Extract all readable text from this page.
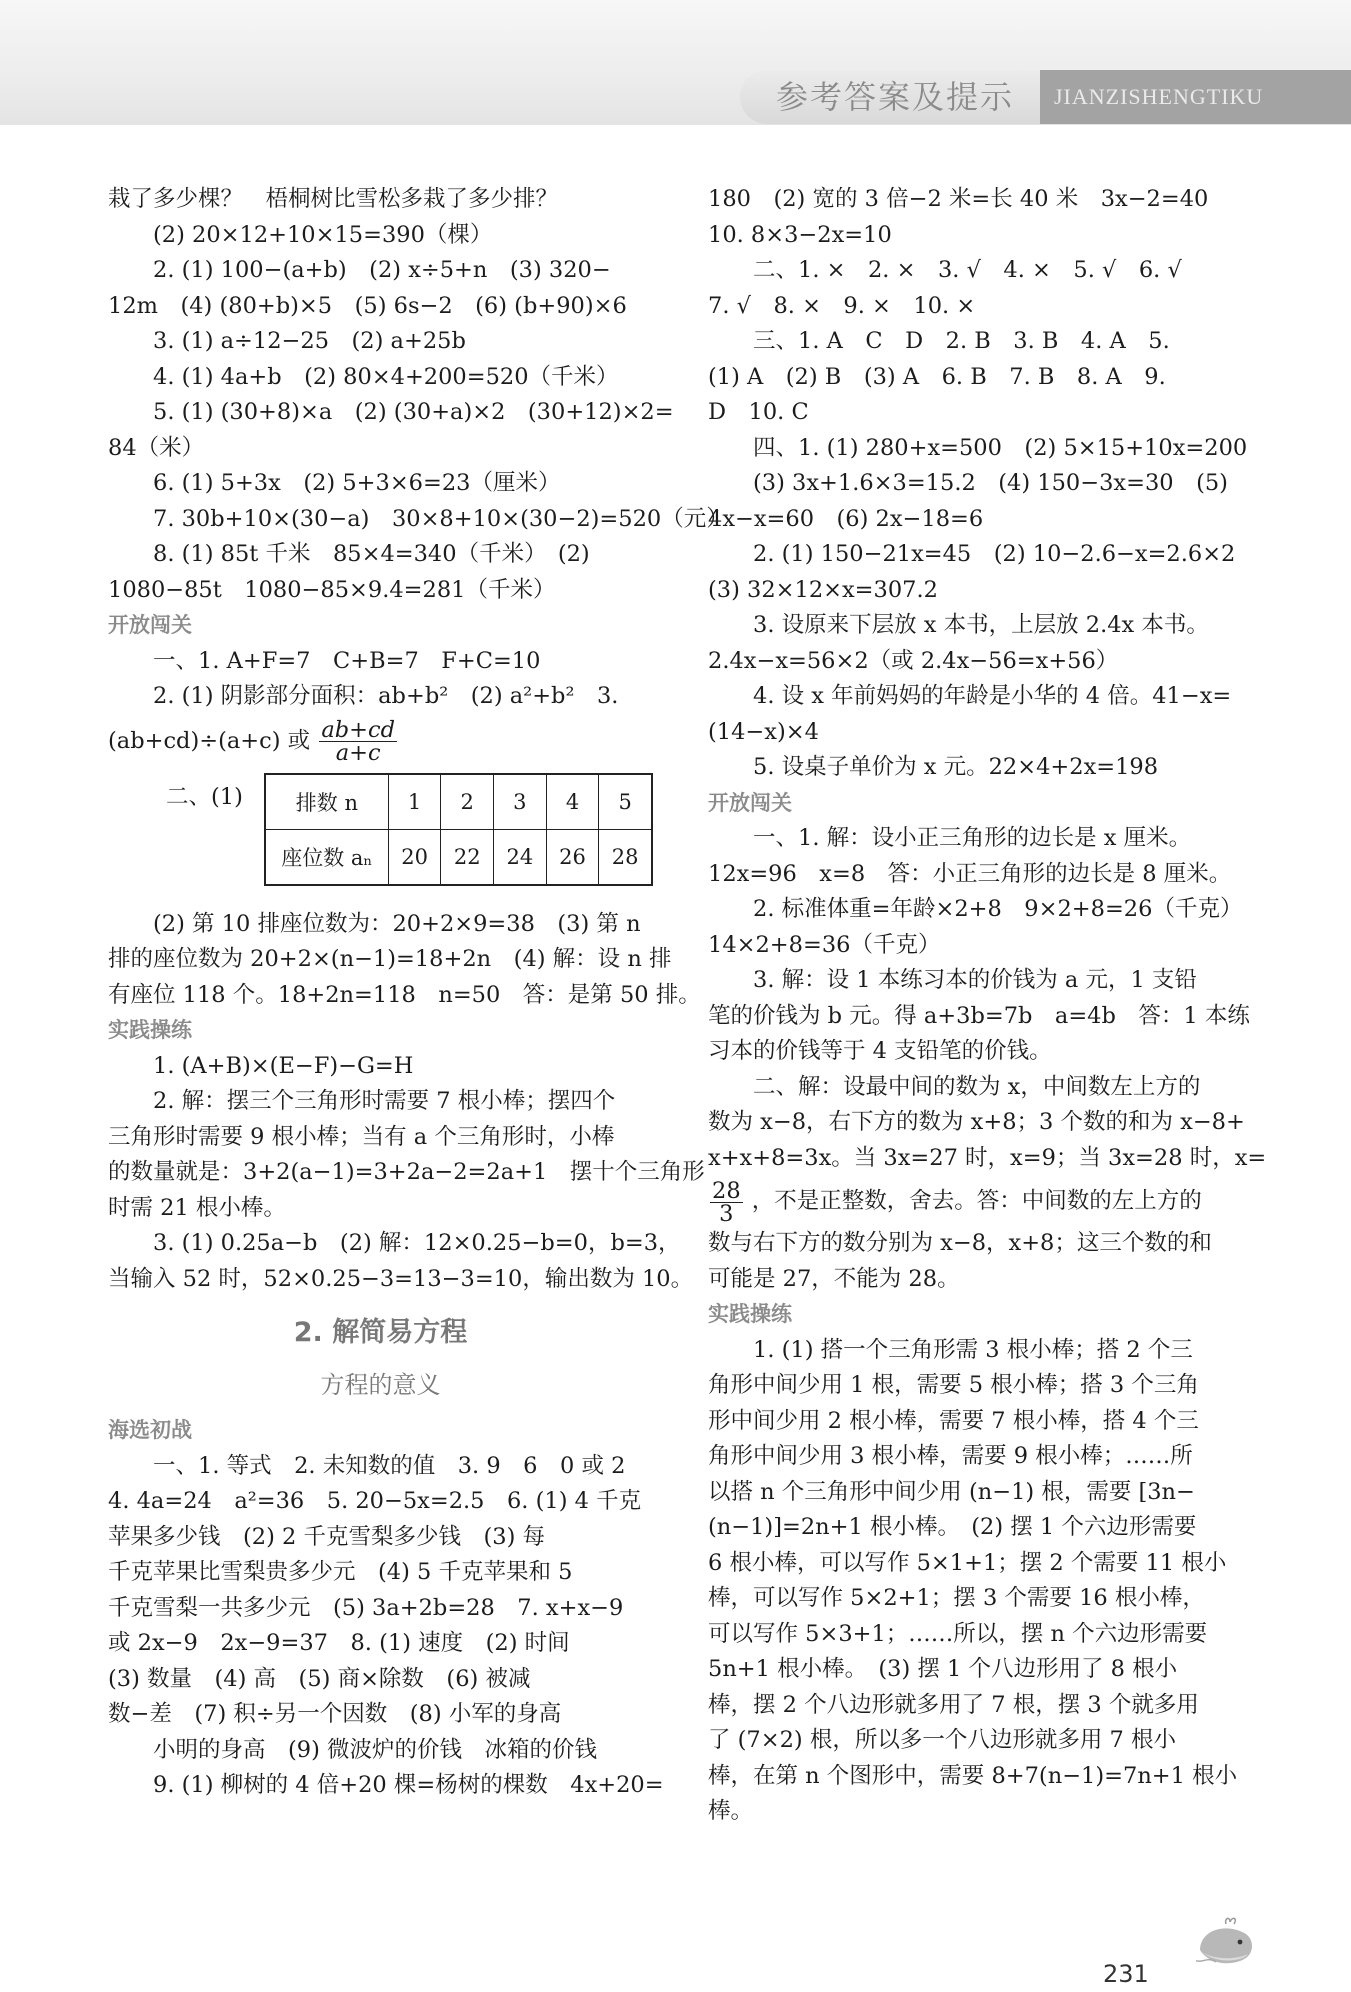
参考答案及提示	JIANZISHENGTIKU

栽了多少棵？　梧桐树比雪松多栽了多少排？

(2) 20×12+10×15=390（棵）

2. (1) 100−(a+b)　(2) x÷5+n　(3) 320−

12m　(4) (80+b)×5　(5) 6s−2　(6) (b+90)×6

3. (1) a÷12−25　(2) a+25b

4. (1) 4a+b　(2) 80×4+200=520（千米）

5. (1) (30+8)×a　(2) (30+a)×2　(30+12)×2=

84（米）

6. (1) 5+3x　(2) 5+3×6=23（厘米）

7. 30b+10×(30−a)　30×8+10×(30−2)=520（元）

8. (1) 85t 千米　85×4=340（千米）　(2)

1080−85t　1080−85×9.4=281（千米）

开放闯关

一、1. A+F=7　C+B=7　F+C=10

2. (1) 阴影部分面积：ab+b²　(2) a²+b²　3.

(ab+cd)÷(a+c) 或 $\frac{ab+cd}{a+c}$

二、(1)	排数 n	1	2	3	4	5
座位数 aₙ	20	22	24	26	28

(2) 第 10 排座位数为：20+2×9=38　(3) 第 n

排的座位数为 20+2×(n−1)=18+2n　(4) 解：设 n 排

有座位 118 个。18+2n=118　n=50　答：是第 50 排。

实践操练

1. (A+B)×(E−F)−G=H

2. 解：摆三个三角形时需要 7 根小棒；摆四个

三角形时需要 9 根小棒；当有 a 个三角形时，小棒

的数量就是：3+2(a−1)=3+2a−2=2a+1　摆十个三角形

时需 21 根小棒。

3. (1) 0.25a−b　(2) 解：12×0.25−b=0，b=3，

当输入 52 时，52×0.25−3=13−3=10，输出数为 10。

2. 解简易方程
方程的意义
海选初战

一、1. 等式　2. 未知数的值　3. 9　6　0 或 2

4. 4a=24　a²=36　5. 20−5x=2.5　6. (1) 4 千克

苹果多少钱　(2) 2 千克雪梨多少钱　(3) 每

千克苹果比雪梨贵多少元　(4) 5 千克苹果和 5

千克雪梨一共多少元　(5) 3a+2b=28　7. x+x−9

或 2x−9　2x−9=37　8. (1) 速度　(2) 时间

(3) 数量　(4) 高　(5) 商×除数　(6) 被减

数−差　(7) 积÷另一个因数　(8) 小军的身高

小明的身高　(9) 微波炉的价钱　冰箱的价钱

9. (1) 柳树的 4 倍+20 棵=杨树的棵数　4x+20=

180　(2) 宽的 3 倍−2 米=长 40 米　3x−2=40

10. 8×3−2x=10

二、1. ×　2. ×　3. √　4. ×　5. √　6. √

7. √　8. ×　9. ×　10. ×

三、1. A　C　D　2. B　3. B　4. A　5.

(1) A　(2) B　(3) A　6. B　7. B　8. A　9.

D　10. C

四、1. (1) 280+x=500　(2) 5×15+10x=200

(3) 3x+1.6×3=15.2　(4) 150−3x=30　(5)

4x−x=60　(6) 2x−18=6

2. (1) 150−21x=45　(2) 10−2.6−x=2.6×2

(3) 32×12×x=307.2

3. 设原来下层放 x 本书，上层放 2.4x 本书。

2.4x−x=56×2（或 2.4x−56=x+56）

4. 设 x 年前妈妈的年龄是小华的 4 倍。41−x=

(14−x)×4

5. 设桌子单价为 x 元。22×4+2x=198

开放闯关

一、1. 解：设小正三角形的边长是 x 厘米。

12x=96　x=8　答：小正三角形的边长是 8 厘米。

2. 标准体重=年龄×2+8　9×2+8=26（千克）

14×2+8=36（千克）

3. 解：设 1 本练习本的价钱为 a 元，1 支铅

笔的价钱为 b 元。得 a+3b=7b　a=4b　答：1 本练

习本的价钱等于 4 支铅笔的价钱。

二、解：设最中间的数为 x，中间数左上方的

数为 x−8，右下方的数为 x+8；3 个数的和为 x−8+

x+x+8=3x。当 3x=27 时，x=9；当 3x=28 时，x=

$\frac{28}{3}$ ，不是正整数，舍去。答：中间数的左上方的

数与右下方的数分别为 x−8，x+8；这三个数的和

可能是 27，不能为 28。

实践操练

1. (1) 搭一个三角形需 3 根小棒；搭 2 个三

角形中间少用 1 根，需要 5 根小棒；搭 3 个三角

形中间少用 2 根小棒，需要 7 根小棒，搭 4 个三

角形中间少用 3 根小棒，需要 9 根小棒；……所

以搭 n 个三角形中间少用 (n−1) 根，需要 [3n−

(n−1)]=2n+1 根小棒。　(2) 摆 1 个六边形需要

6 根小棒，可以写作 5×1+1；摆 2 个需要 11 根小

棒，可以写作 5×2+1；摆 3 个需要 16 根小棒，

可以写作 5×3+1；……所以，摆 n 个六边形需要

5n+1 根小棒。　(3) 摆 1 个八边形用了 8 根小

棒，摆 2 个八边形就多用了 7 根，摆 3 个就多用

了 (7×2) 根，所以多一个八边形就多用 7 根小

棒，在第 n 个图形中，需要 8+7(n−1)=7n+1 根小

棒。

231
